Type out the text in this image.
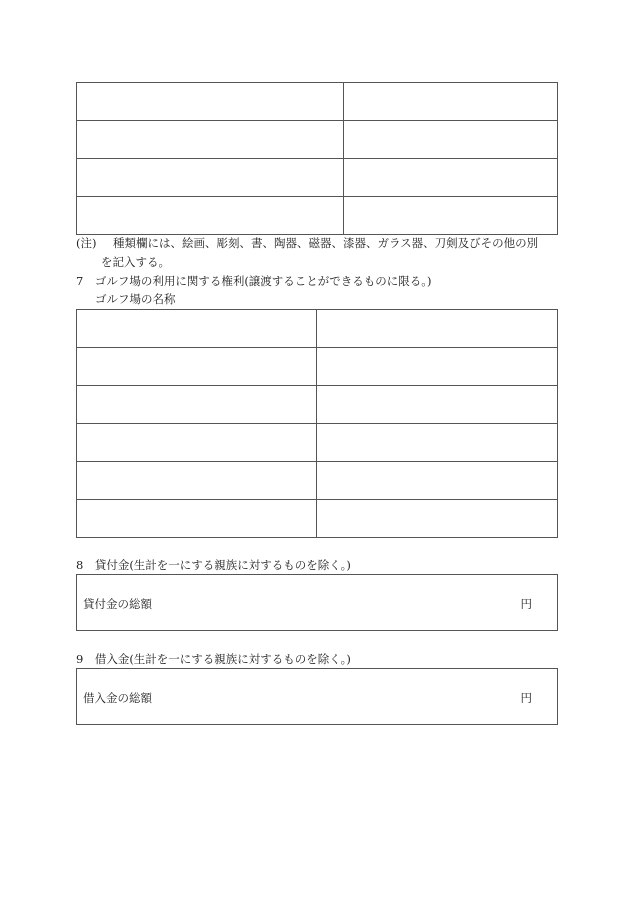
(注) 種類欄には、絵画、彫刻、書、陶器、磁器、漆器、ガラス器、刀剣及びその他の別
を記入する。
7　ゴルフ場の利用に関する権利(譲渡することができるものに限る。)
ゴルフ場の名称

8　貸付金(生計を一にする親族に対するものを除く。)
貸付金の総額	円
9　借入金(生計を一にする親族に対するものを除く。)
借入金の総額	円
